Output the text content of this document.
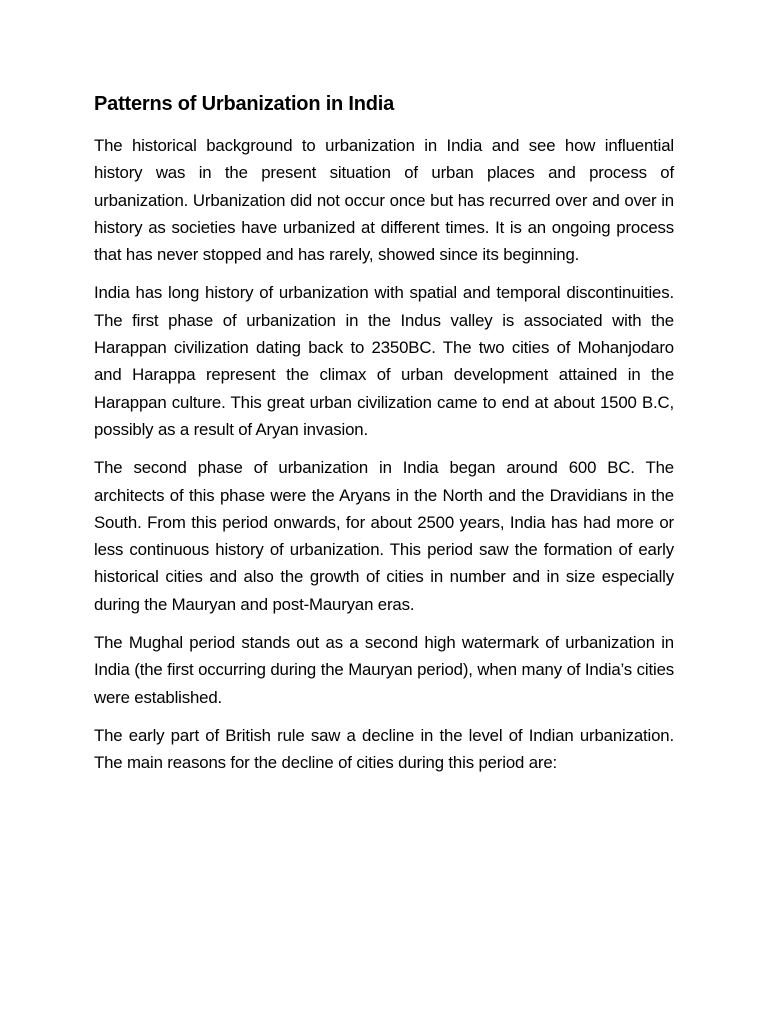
Patterns of Urbanization in India

The historical background to urbanization in India and see how influential history was in the present situation of urban places and process of urbanization. Urbanization did not occur once but has recurred over and over in history as societies have urbanized at different times. It is an ongoing process that has never stopped and has rarely, showed since its beginning.

India has long history of urbanization with spatial and temporal discontinuities. The first phase of urbanization in the Indus valley is associated with the Harappan civilization dating back to 2350BC. The two cities of Mohanjodaro and Harappa represent the climax of urban development attained in the Harappan culture. This great urban civilization came to end at about 1500 B.C, possibly as a result of Aryan invasion.

The second phase of urbanization in India began around 600 BC. The architects of this phase were the Aryans in the North and the Dravidians in the South. From this period onwards, for about 2500 years, India has had more or less continuous history of urbanization. This period saw the formation of early historical cities and also the growth of cities in number and in size especially during the Mauryan and post-Mauryan eras.

The Mughal period stands out as a second high watermark of urbanization in India (the first occurring during the Mauryan period), when many of India’s cities were established.

The early part of British rule saw a decline in the level of Indian urbanization. The main reasons for the decline of cities during this period are:
